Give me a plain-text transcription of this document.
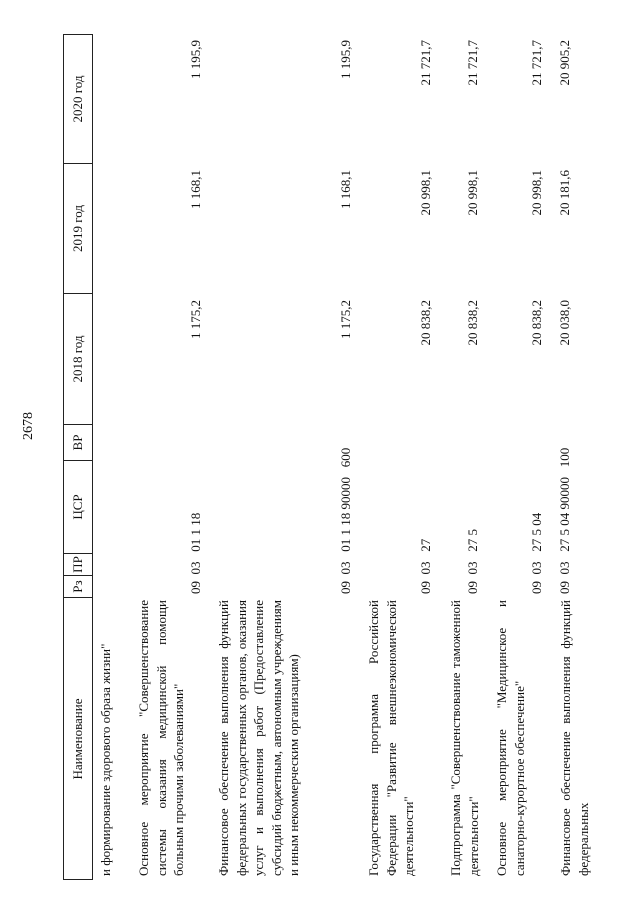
2678
Наименование
Рз
ПР
ЦСР
ВР
2018 год
2019 год
2020 год
и формирование здорового образа жизни" Основное мероприятие "Совершенствование системы оказания медицинской помощи больным прочими заболеваниями"
09  03   01 1 18
1 175,2
1 168,1
1 195,9
Финансовое обеспечение выполнения функций федеральных государственных органов, оказания услуг и выполнения работ (Предоставление субсидий бюджетным, автономным учреждениям и иным некоммерческим организациям)
09  03   01 1 18 90000   600
1 175,2
1 168,1
1 195,9
Государственная программа Российской Федерации "Развитие внешнеэкономической деятельности"
09  03   27
20 838,2
20 998,1
21 721,7
Подпрограмма "Совершенствование таможенной деятельности"
09  03   27 5
20 838,2
20 998,1
21 721,7
Основное мероприятие "Медицинское и санаторно-курортное обеспечение"
09  03   27 5 04
20 838,2
20 998,1
21 721,7
Финансовое обеспечение выполнения функций федеральных
09  03   27 5 04 90000   100
20 038,0
20 181,6
20 905,2
